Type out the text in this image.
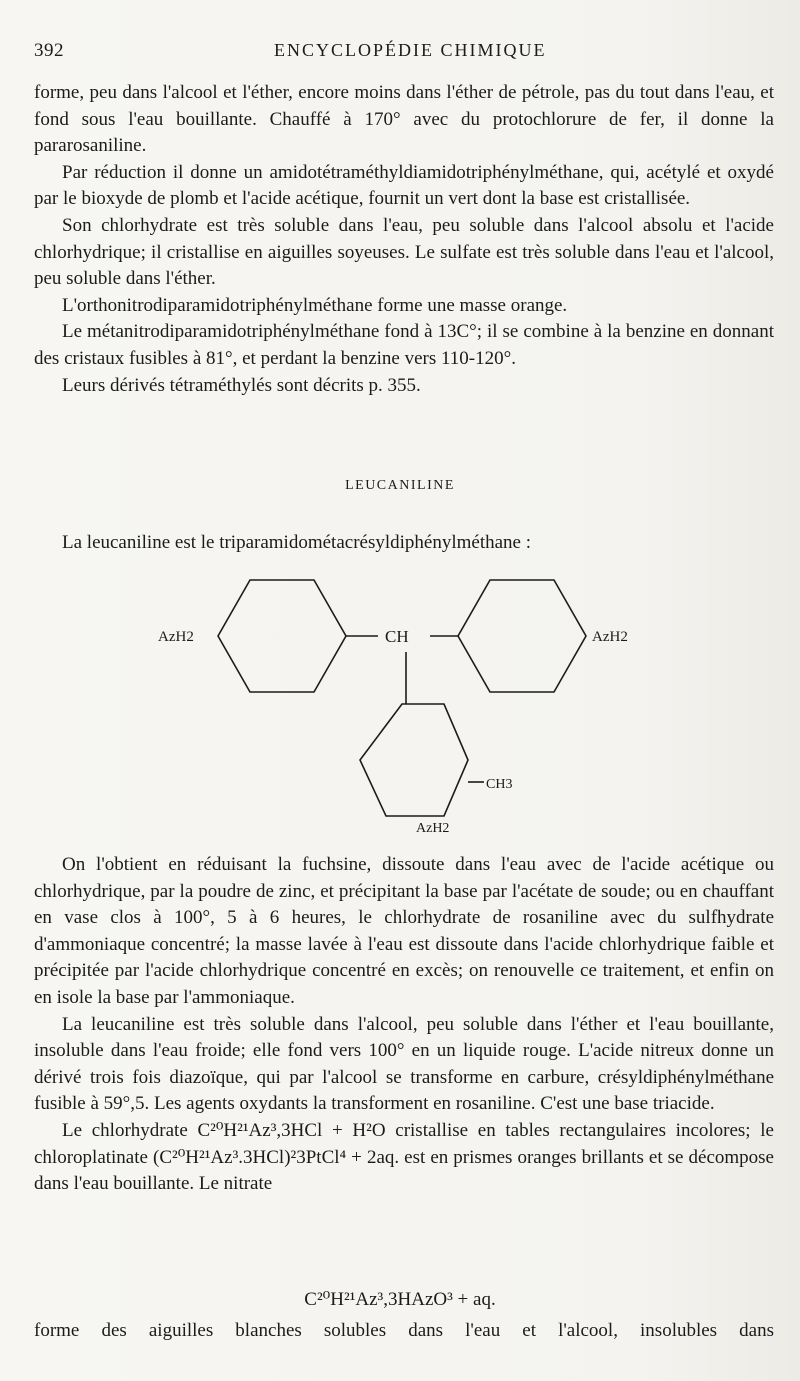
392	ENCYCLOPÉDIE CHIMIQUE

forme, peu dans l'alcool et l'éther, encore moins dans l'éther de pétrole, pas du tout dans l'eau, et fond sous l'eau bouillante. Chauffé à 170° avec du protochlorure de fer, il donne la pararosaniline.

Par réduction il donne un amidotétraméthyldiamidotriphénylméthane, qui, acétylé et oxydé par le bioxyde de plomb et l'acide acétique, fournit un vert dont la base est cristallisée.

Son chlorhydrate est très soluble dans l'eau, peu soluble dans l'alcool absolu et l'acide chlorhydrique; il cristallise en aiguilles soyeuses. Le sulfate est très soluble dans l'eau et l'alcool, peu soluble dans l'éther.

L'orthonitrodiparamidotriphénylméthane forme une masse orange.

Le métanitrodiparamidotriphénylméthane fond à 13C°; il se combine à la benzine en donnant des cristaux fusibles à 81°, et perdant la benzine vers 110-120°.

Leurs dérivés tétraméthylés sont décrits p. 355.

LEUCANILINE
La leucaniline est le triparamidométacrésyldiphénylméthane :
AzH2	CH	AzH2
CH3
AzH2

On l'obtient en réduisant la fuchsine, dissoute dans l'eau avec de l'acide acétique ou chlorhydrique, par la poudre de zinc, et précipitant la base par l'acétate de soude; ou en chauffant en vase clos à 100°, 5 à 6 heures, le chlorhydrate de rosaniline avec du sulfhydrate d'ammoniaque concentré; la masse lavée à l'eau est dissoute dans l'acide chlorhydrique faible et précipitée par l'acide chlorhydrique concentré en excès; on renouvelle ce traitement, et enfin on en isole la base par l'ammoniaque.

La leucaniline est très soluble dans l'alcool, peu soluble dans l'éther et l'eau bouillante, insoluble dans l'eau froide; elle fond vers 100° en un liquide rouge. L'acide nitreux donne un dérivé trois fois diazoïque, qui par l'alcool se transforme en carbure, crésyldiphénylméthane fusible à 59°,5. Les agents oxydants la transforment en rosaniline. C'est une base triacide.

Le chlorhydrate C²⁰H²¹Az³,3HCl + H²O cristallise en tables rectangulaires incolores; le chloroplatinate (C²⁰H²¹Az³.3HCl)²3PtCl⁴ + 2aq. est en prismes oranges brillants et se décompose dans l'eau bouillante. Le nitrate

C²⁰H²¹Az³,3HAzO³ + aq.
forme des aiguilles blanches solubles dans l'eau et l'alcool, insolubles dans
